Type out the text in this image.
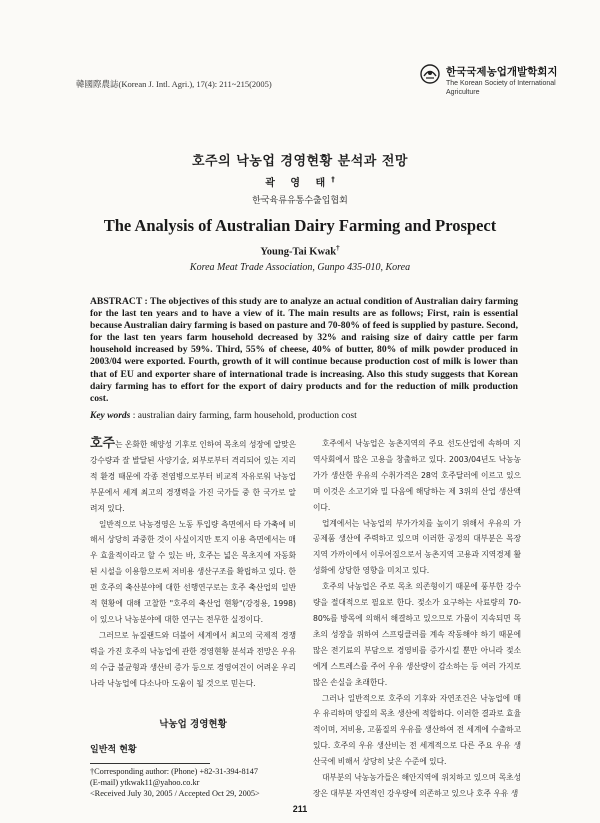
韓國際農誌(Korean J. Intl. Agri.), 17(4): 211~215(2005)
한국국제농업개발학회지
The Korean Society of International
Agriculture
호주의 낙농업 경영현황 분석과 전망
곽 영 태†
한국육류유통수출입협회
The Analysis of Australian Dairy Farming and Prospect
Young-Tai Kwak†
Korea Meat Trade Association, Gunpo 435-010, Korea

ABSTRACT : The objectives of this study are to analyze an actual condition of Australian dairy farming for the last ten years and to have a view of it. The main results are as follows; First, rain is essential because Australian dairy farming is based on pasture and 70-80% of feed is supplied by pasture. Second, for the last ten years farm household decreased by 32% and raising size of dairy cattle per farm household increased by 59%. Third, 55% of cheese, 40% of butter, 80% of milk powder produced in 2003/04 were exported. Fourth, growth of it will continue because production cost of milk is lower than that of EU and exporter share of international trade is increasing. Also this study suggests that Korean dairy farming has to effort for the export of dairy products and for the reduction of milk production cost.

Key words : australian dairy farming, farm household, production cost

호주는 온화한 해양성 기후로 인하여 목초의 성장에 알맞은 강수량과 잘 발달된 사양기술, 외부로부터 격리되어 있는 지리적 환경 때문에 각종 전염병으로부터 비교적 자유로워 낙농업 부문에서 세계 최고의 경쟁력을 가진 국가들 중 한 국가로 알려져 있다.

일반적으로 낙농경영은 노동 투입량 측면에서 타 가축에 비해서 상당히 과중한 것이 사실이지만 토지 이용 측면에서는 매우 효율적이라고 할 수 있는 바, 호주는 넓은 목초지에 자동화된 시설을 이용함으로써 저비용 생산구조를 확립하고 있다. 한편 호주의 축산분야에 대한 선행연구로는 호주 축산업의 일반적 현황에 대해 고찰한 "호주의 축산업 현황"(강정용, 1998)이 있으나 낙농분야에 대한 연구는 전무한 실정이다.

그러므로 뉴질랜드와 더불어 세계에서 최고의 국제적 경쟁력을 가진 호주의 낙농업에 관한 경영현황 분석과 전망은 우유의 수급 불균형과 생산비 증가 등으로 경영여건이 어려운 우리나라 낙농업에 다소나마 도움이 될 것으로 믿는다.

낙농업 경영현황
일반적 현황
†Corresponding author: (Phone) +82-31-394-8147
(E-mail) ytkwak11@yahoo.co.kr
<Received July 30, 2005 / Accepted Oct 29, 2005>

호주에서 낙농업은 농촌지역의 주요 선도산업에 속하며 지역사회에서 많은 고용을 창출하고 있다. 2003/04년도 낙농농가가 생산한 우유의 수취가격은 28억 호주달러에 이르고 있으며 이것은 소고기와 밀 다음에 해당하는 제 3위의 산업 생산액이다.

업계에서는 낙농업의 부가가치를 높이기 위해서 우유의 가공제품 생산에 주력하고 있으며 이러한 공정의 대부분은 목장지역 가까이에서 이루어짐으로서 농촌지역 고용과 지역경제 활성화에 상당한 영향을 미치고 있다.

호주의 낙농업은 주로 목초 의존형이기 때문에 풍부한 강수량을 절대적으로 필요로 한다. 젖소가 요구하는 사료량의 70-80%를 방목에 의해서 해결하고 있으므로 가뭄이 지속되면 목초의 성장을 위하여 스프링클러를 계속 작동해야 하기 때문에 많은 전기료의 부담으로 경영비를 증가시킬 뿐만 아니라 젖소에게 스트레스를 주어 우유 생산량이 감소하는 등 여러 가지로 많은 손실을 초래한다.

그러나 일반적으로 호주의 기후와 자연조건은 낙농업에 매우 유리하며 양질의 목초 생산에 적합하다. 이러한 결과로 효율적이며, 저비용, 고품질의 우유를 생산하여 전 세계에 수출하고 있다. 호주의 우유 생산비는 전 세계적으로 다른 주요 우유 생산국에 비해서 상당히 낮은 수준에 있다.

대부분의 낙농농가들은 해안지역에 위치하고 있으며 목초성장은 대부분 자연적인 강우량에 의존하고 있으나 호주 우유 생

211
